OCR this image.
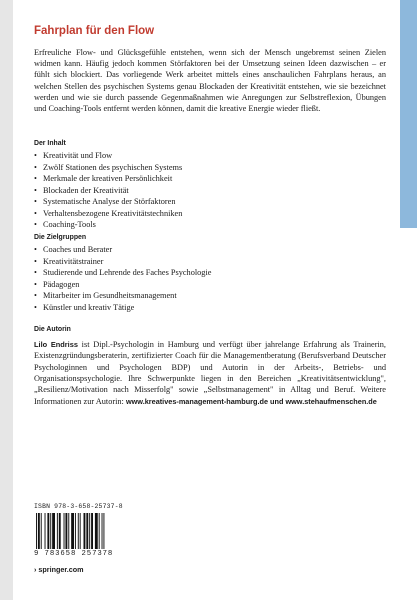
Fahrplan für den Flow
Erfreuliche Flow- und Glücksgefühle entstehen, wenn sich der Mensch ungebremst seinen Zielen widmen kann. Häufig jedoch kommen Störfaktoren bei der Umsetzung seinen Ideen dazwischen – er fühlt sich blockiert. Das vorliegende Werk arbeitet mittels eines anschaulichen Fahrplans heraus, an welchen Stellen des psychischen Systems genau Blockaden der Kreativität entstehen, wie sie bezeichnet werden und wie sie durch passende Gegenmaßnahmen wie Anregungen zur Selbstreflexion, Übungen und Coaching-Tools entfernt werden können, damit die kreative Energie wieder fließt.
Der Inhalt
• Kreativität und Flow
• Zwölf Stationen des psychischen Systems
• Merkmale der kreativen Persönlichkeit
• Blockaden der Kreativität
• Systematische Analyse der Störfaktoren
• Verhaltensbezogene Kreativitätstechniken
• Coaching-Tools
Die Zielgruppen
• Coaches und Berater
• Kreativitätstrainer
• Studierende und Lehrende des Faches Psychologie
• Pädagogen
• Mitarbeiter im Gesundheitsmanagement
• Künstler und kreativ Tätige
Die Autorin
Lilo Endriss ist Dipl.-Psychologin in Hamburg und verfügt über jahrelange Erfahrung als Trainerin, Existenzgründungsberaterin, zertifizierter Coach für die Managementberatung (Berufsverband Deutscher Psychologinnen und Psychologen BDP) und Autorin in der Arbeits-, Betriebs- und Organisationspsychologie. Ihre Schwerpunkte liegen in den Bereichen „Kreativitätsentwicklung", „Resilienz/Motivation nach Misserfolg" sowie „Selbstmanagement" in Alltag und Beruf. Weitere Informationen zur Autorin: www.kreatives-management-hamburg.de und www.stehaufmenschen.de
ISBN 978-3-658-25737-8
9 783658 257378
› springer.com
